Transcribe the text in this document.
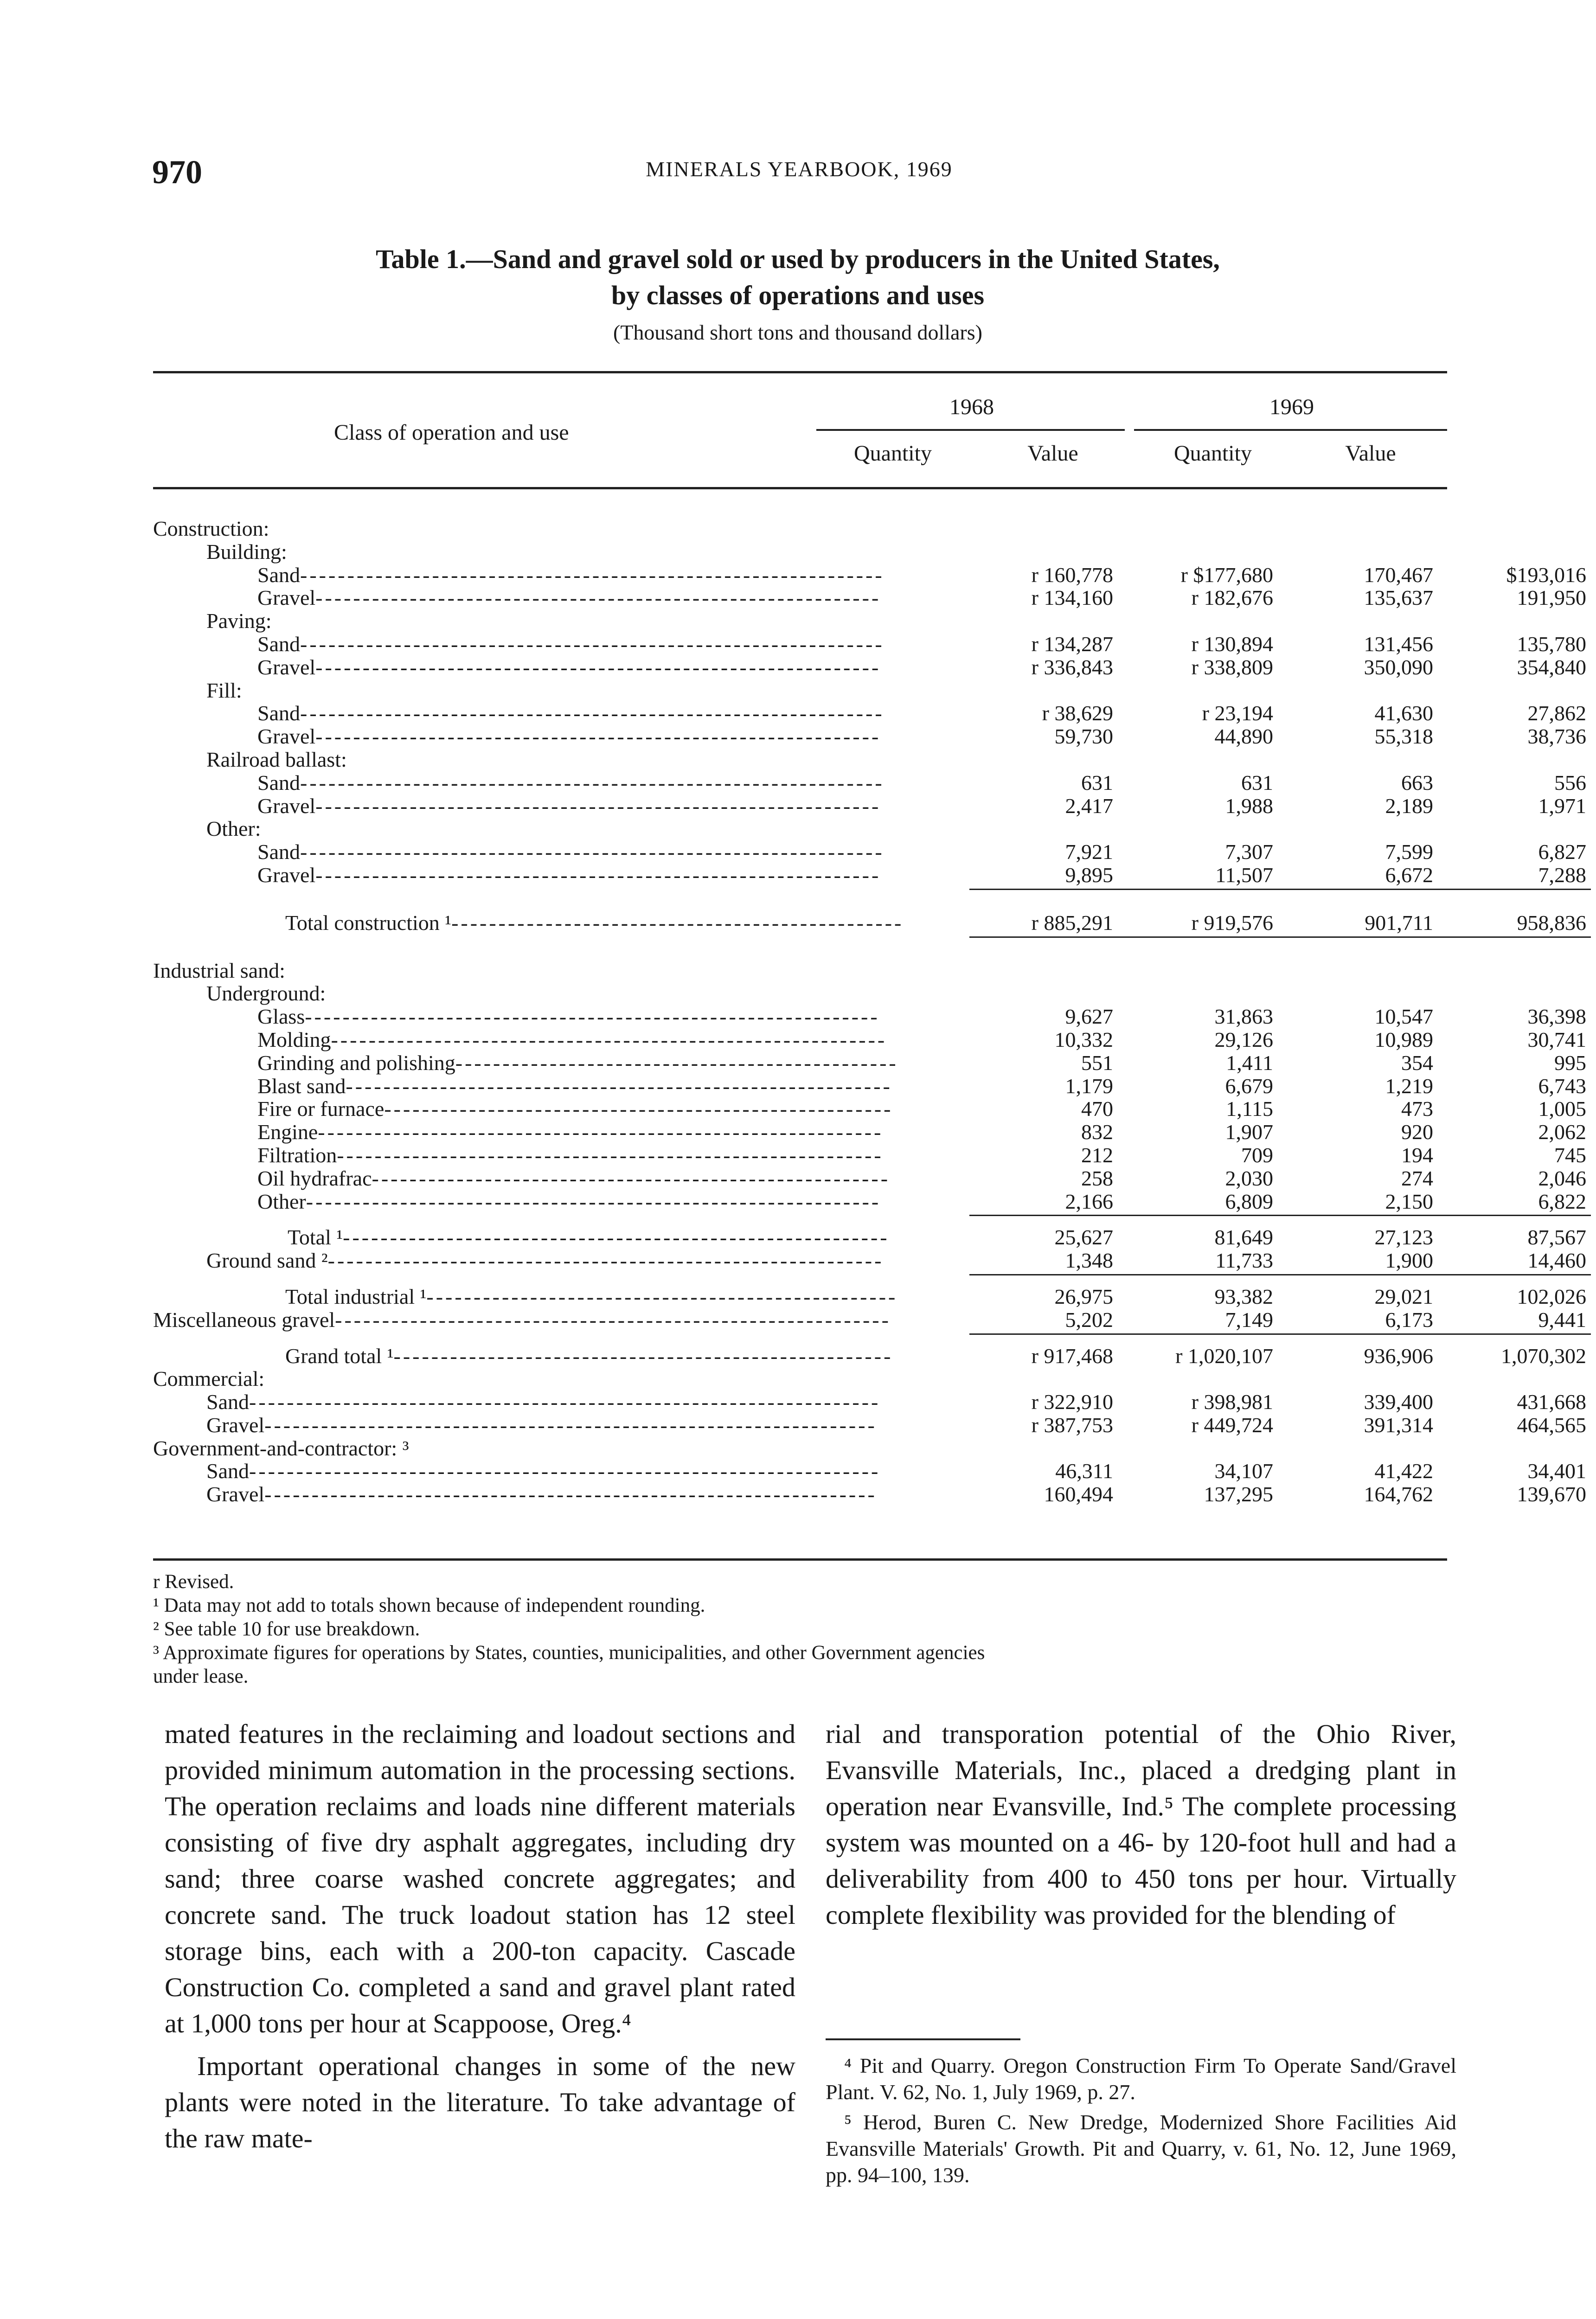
970	MINERALS YEARBOOK, 1969
Table 1.—Sand and gravel sold or used by producers in the United States,
by classes of operations and uses
(Thousand short tons and thousand dollars)
Class of operation and use
1968	1969
Quantity	Value	Quantity	Value
Construction:
Building:
Sand--------------------------------------------------------------	r 160,778	r $177,680	170,467	$193,016
Gravel------------------------------------------------------------	r 134,160	r 182,676	135,637	191,950
Paving:
Sand--------------------------------------------------------------	r 134,287	r 130,894	131,456	135,780
Gravel------------------------------------------------------------	r 336,843	r 338,809	350,090	354,840
Fill:
Sand--------------------------------------------------------------	r 38,629	r 23,194	41,630	27,862
Gravel------------------------------------------------------------	59,730	44,890	55,318	38,736
Railroad ballast:
Sand--------------------------------------------------------------	631	631	663	556
Gravel------------------------------------------------------------	2,417	1,988	2,189	1,971
Other:
Sand--------------------------------------------------------------	7,921	7,307	7,599	6,827
Gravel------------------------------------------------------------	9,895	11,507	6,672	7,288
Total construction ¹------------------------------------------------	r 885,291	r 919,576	901,711	958,836
Industrial sand:
Underground:
Glass-------------------------------------------------------------	9,627	31,863	10,547	36,398
Molding-----------------------------------------------------------	10,332	29,126	10,989	30,741
Grinding and polishing-----------------------------------------------	551	1,411	354	995
Blast sand----------------------------------------------------------	1,179	6,679	1,219	6,743
Fire or furnace------------------------------------------------------	470	1,115	473	1,005
Engine------------------------------------------------------------	832	1,907	920	2,062
Filtration----------------------------------------------------------	212	709	194	745
Oil hydrafrac-------------------------------------------------------	258	2,030	274	2,046
Other-------------------------------------------------------------	2,166	6,809	2,150	6,822
Total ¹----------------------------------------------------------	25,627	81,649	27,123	87,567
Ground sand ²-----------------------------------------------------------	1,348	11,733	1,900	14,460
Total industrial ¹--------------------------------------------------	26,975	93,382	29,021	102,026
Miscellaneous gravel-----------------------------------------------------------	5,202	7,149	6,173	9,441
Grand total ¹-----------------------------------------------------	r 917,468	r 1,020,107	936,906	1,070,302
Commercial:
Sand-------------------------------------------------------------------	r 322,910	r 398,981	339,400	431,668
Gravel-----------------------------------------------------------------	r 387,753	r 449,724	391,314	464,565
Government-and-contractor: ³
Sand-------------------------------------------------------------------	46,311	34,107	41,422	34,401
Gravel-----------------------------------------------------------------	160,494	137,295	164,762	139,670
r Revised.
¹ Data may not add to totals shown because of independent rounding.
² See table 10 for use breakdown.
³ Approximate figures for operations by States, counties, municipalities, and other Government agencies
under lease.

mated features in the reclaiming and loadout sections and provided minimum automation in the processing sections. The operation reclaims and loads nine different materials consisting of five dry asphalt aggregates, including dry sand; three coarse washed concrete aggregates; and concrete sand. The truck loadout station has 12 steel storage bins, each with a 200-ton capacity. Cascade Construction Co. completed a sand and gravel plant rated at 1,000 tons per hour at Scappoose, Oreg.⁴

Important operational changes in some of the new plants were noted in the literature. To take advantage of the raw mate-

rial and transporation potential of the Ohio River, Evansville Materials, Inc., placed a dredging plant in operation near Evansville, Ind.⁵ The complete processing system was mounted on a 46- by 120-foot hull and had a deliverability from 400 to 450 tons per hour. Virtually complete flexibility was provided for the blending of

⁴ Pit and Quarry. Oregon Construction Firm To Operate Sand/Gravel Plant. V. 62, No. 1, July 1969, p. 27.

⁵ Herod, Buren C. New Dredge, Modernized Shore Facilities Aid Evansville Materials' Growth. Pit and Quarry, v. 61, No. 12, June 1969, pp. 94–100, 139.
